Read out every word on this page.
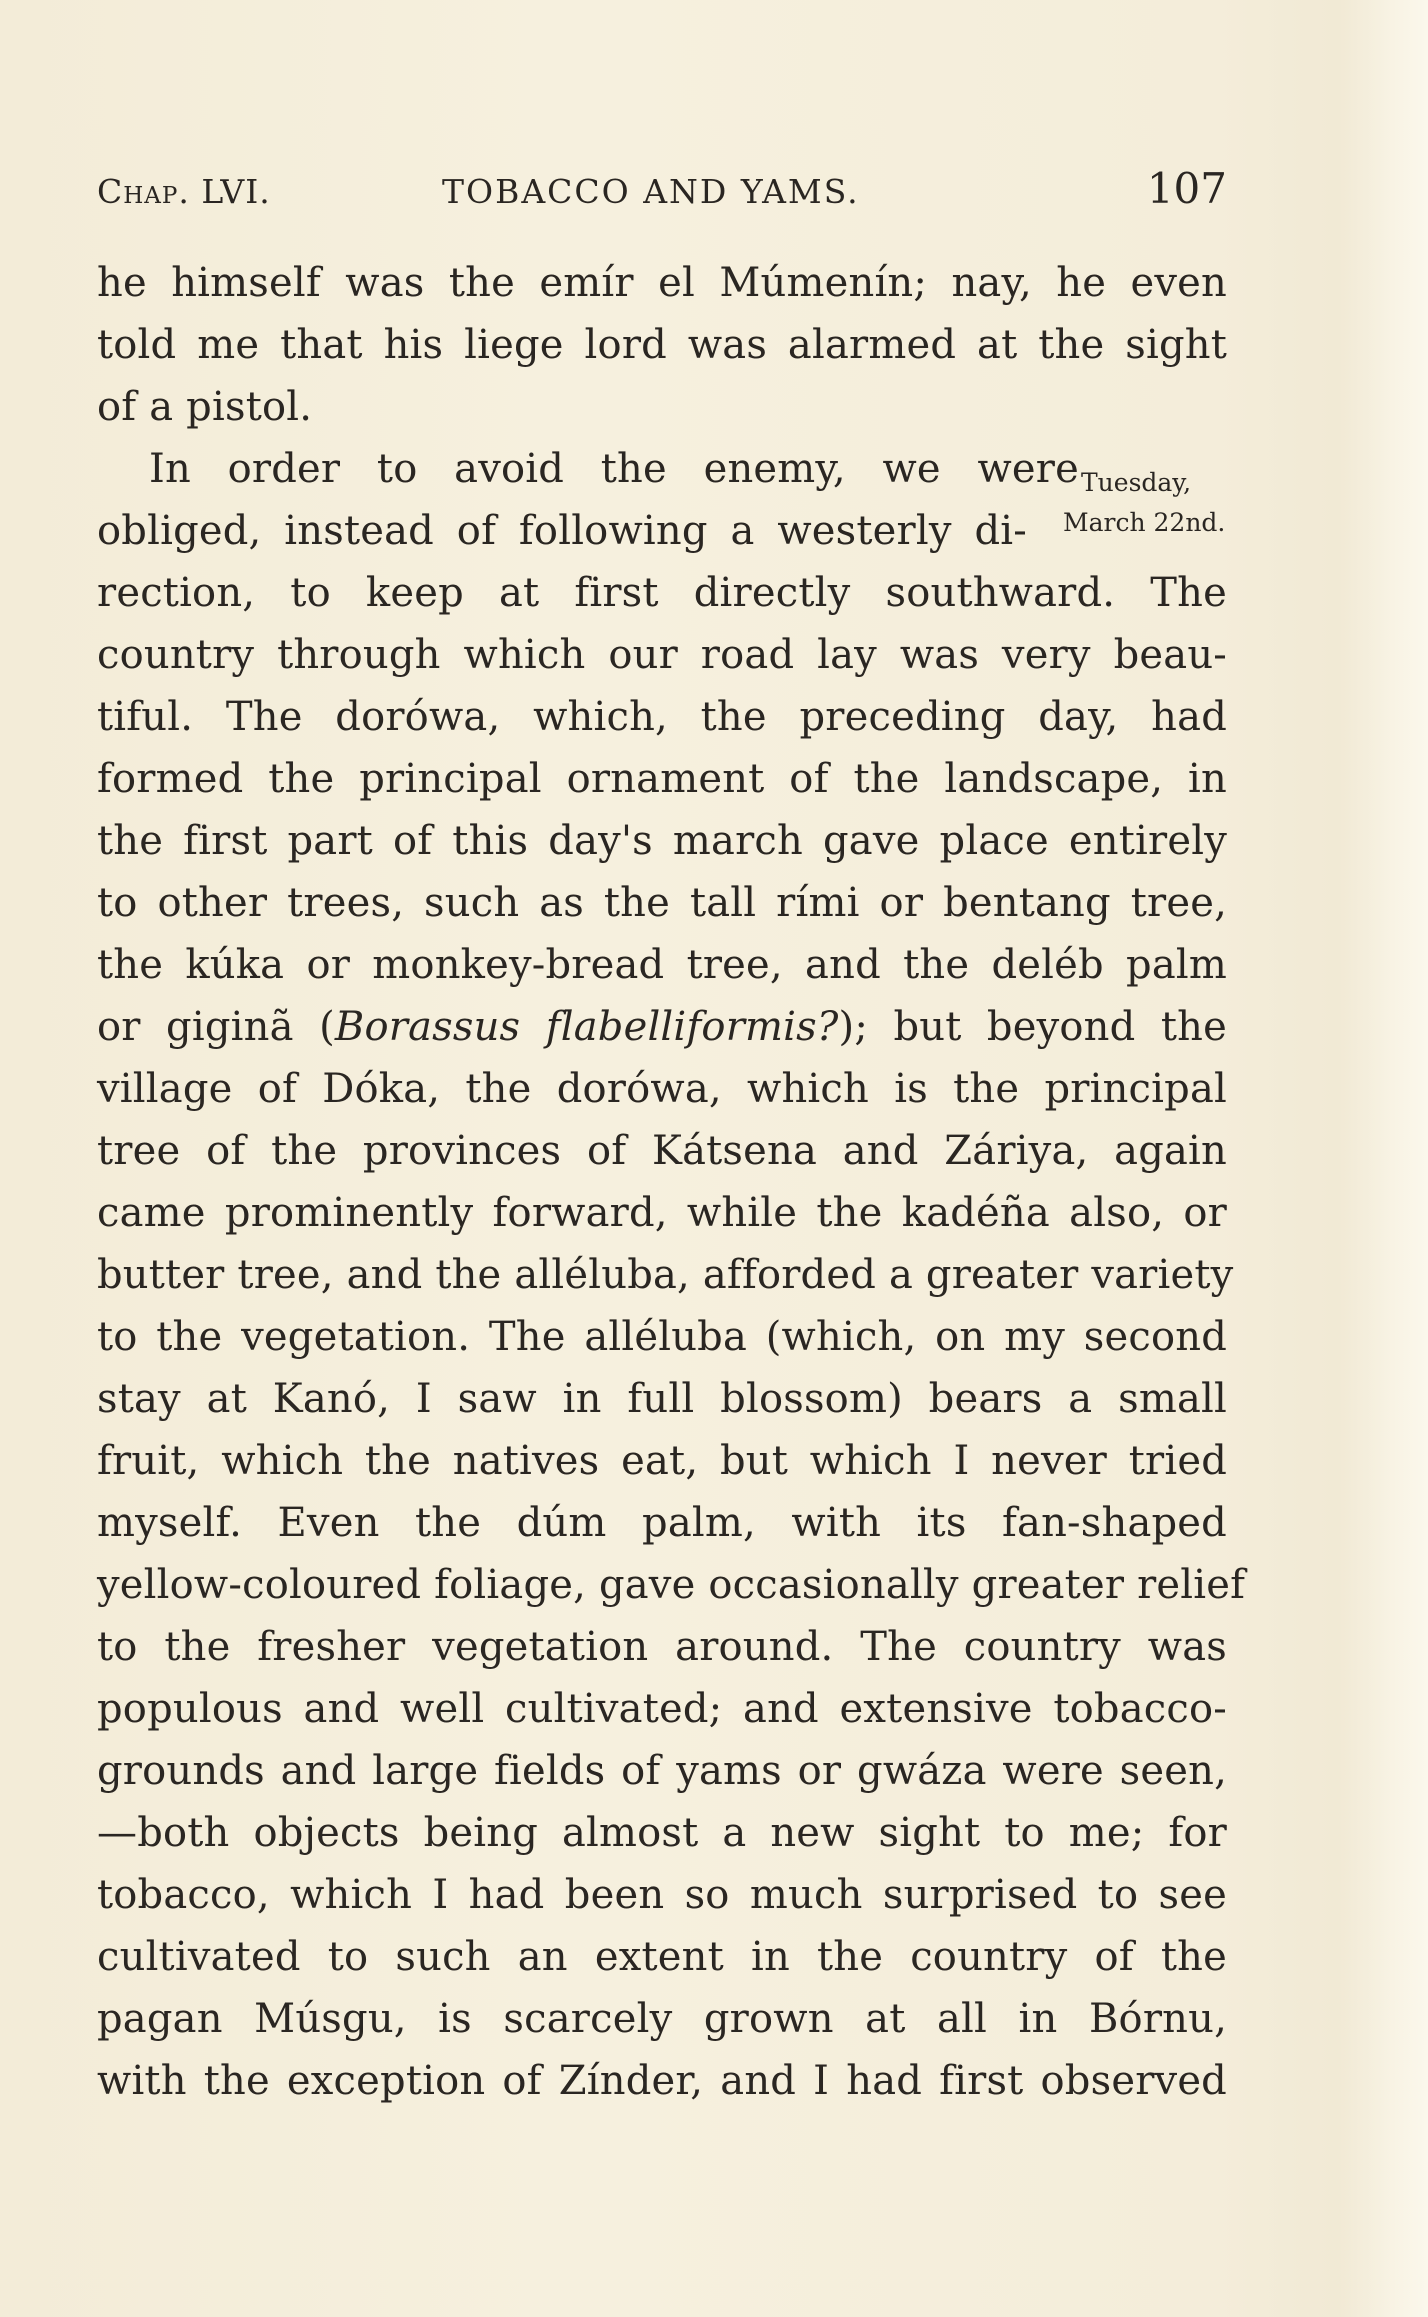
Chap. LVI.	TOBACCO AND YAMS.	107
Tuesday,
March 22nd.
he himself was the emír el Múmenín; nay, he even
told me that his liege lord was alarmed at the sight
of a pistol.
In order to avoid the enemy, we were
obliged, instead of following a westerly di-
rection, to keep at first directly southward. The
country through which our road lay was very beau-
tiful. The dorówa, which, the preceding day, had
formed the principal ornament of the landscape, in
the first part of this day's march gave place entirely
to other trees, such as the tall rími or bentang tree,
the kúka or monkey-bread tree, and the deléb palm
or giginã (Borassus flabelliformis?); but beyond the
village of Dóka, the dorówa, which is the principal
tree of the provinces of Kátsena and Záriya, again
came prominently forward, while the kadéña also, or
butter tree, and the alléluba, afforded a greater variety
to the vegetation. The alléluba (which, on my second
stay at Kanó, I saw in full blossom) bears a small
fruit, which the natives eat, but which I never tried
myself. Even the dúm palm, with its fan-shaped
yellow-coloured foliage, gave occasionally greater relief
to the fresher vegetation around. The country was
populous and well cultivated; and extensive tobacco-
grounds and large fields of yams or gwáza were seen,
—both objects being almost a new sight to me; for
tobacco, which I had been so much surprised to see
cultivated to such an extent in the country of the
pagan Músgu, is scarcely grown at all in Bórnu,
with the exception of Zínder, and I had first observed
